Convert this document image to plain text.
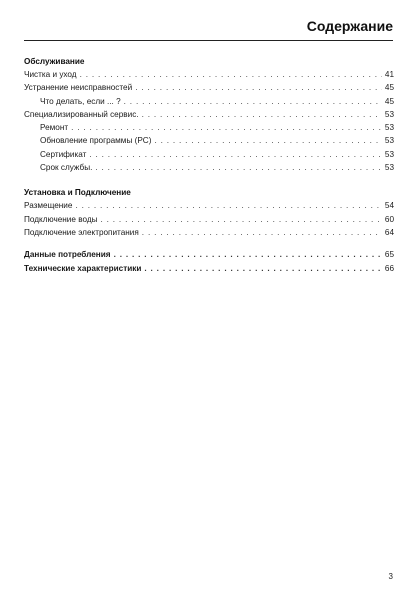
Содержание
Обслуживание
Чистка и уход . . .	41
Устранение неисправностей . . .	45
Что делать, если ... ? . . .	45
Специализированный сервис. . . .	53
Ремонт . . .	53
Обновление программы (PC) . . .	53
Сертификат . . .	53
Срок службы. . . .	53
Установка и Подключение
Размещение . . .	54
Подключение воды . . .	60
Подключение электропитания . . .	64
Данные потребления . . .	65
Технические характеристики . . .	66
3
